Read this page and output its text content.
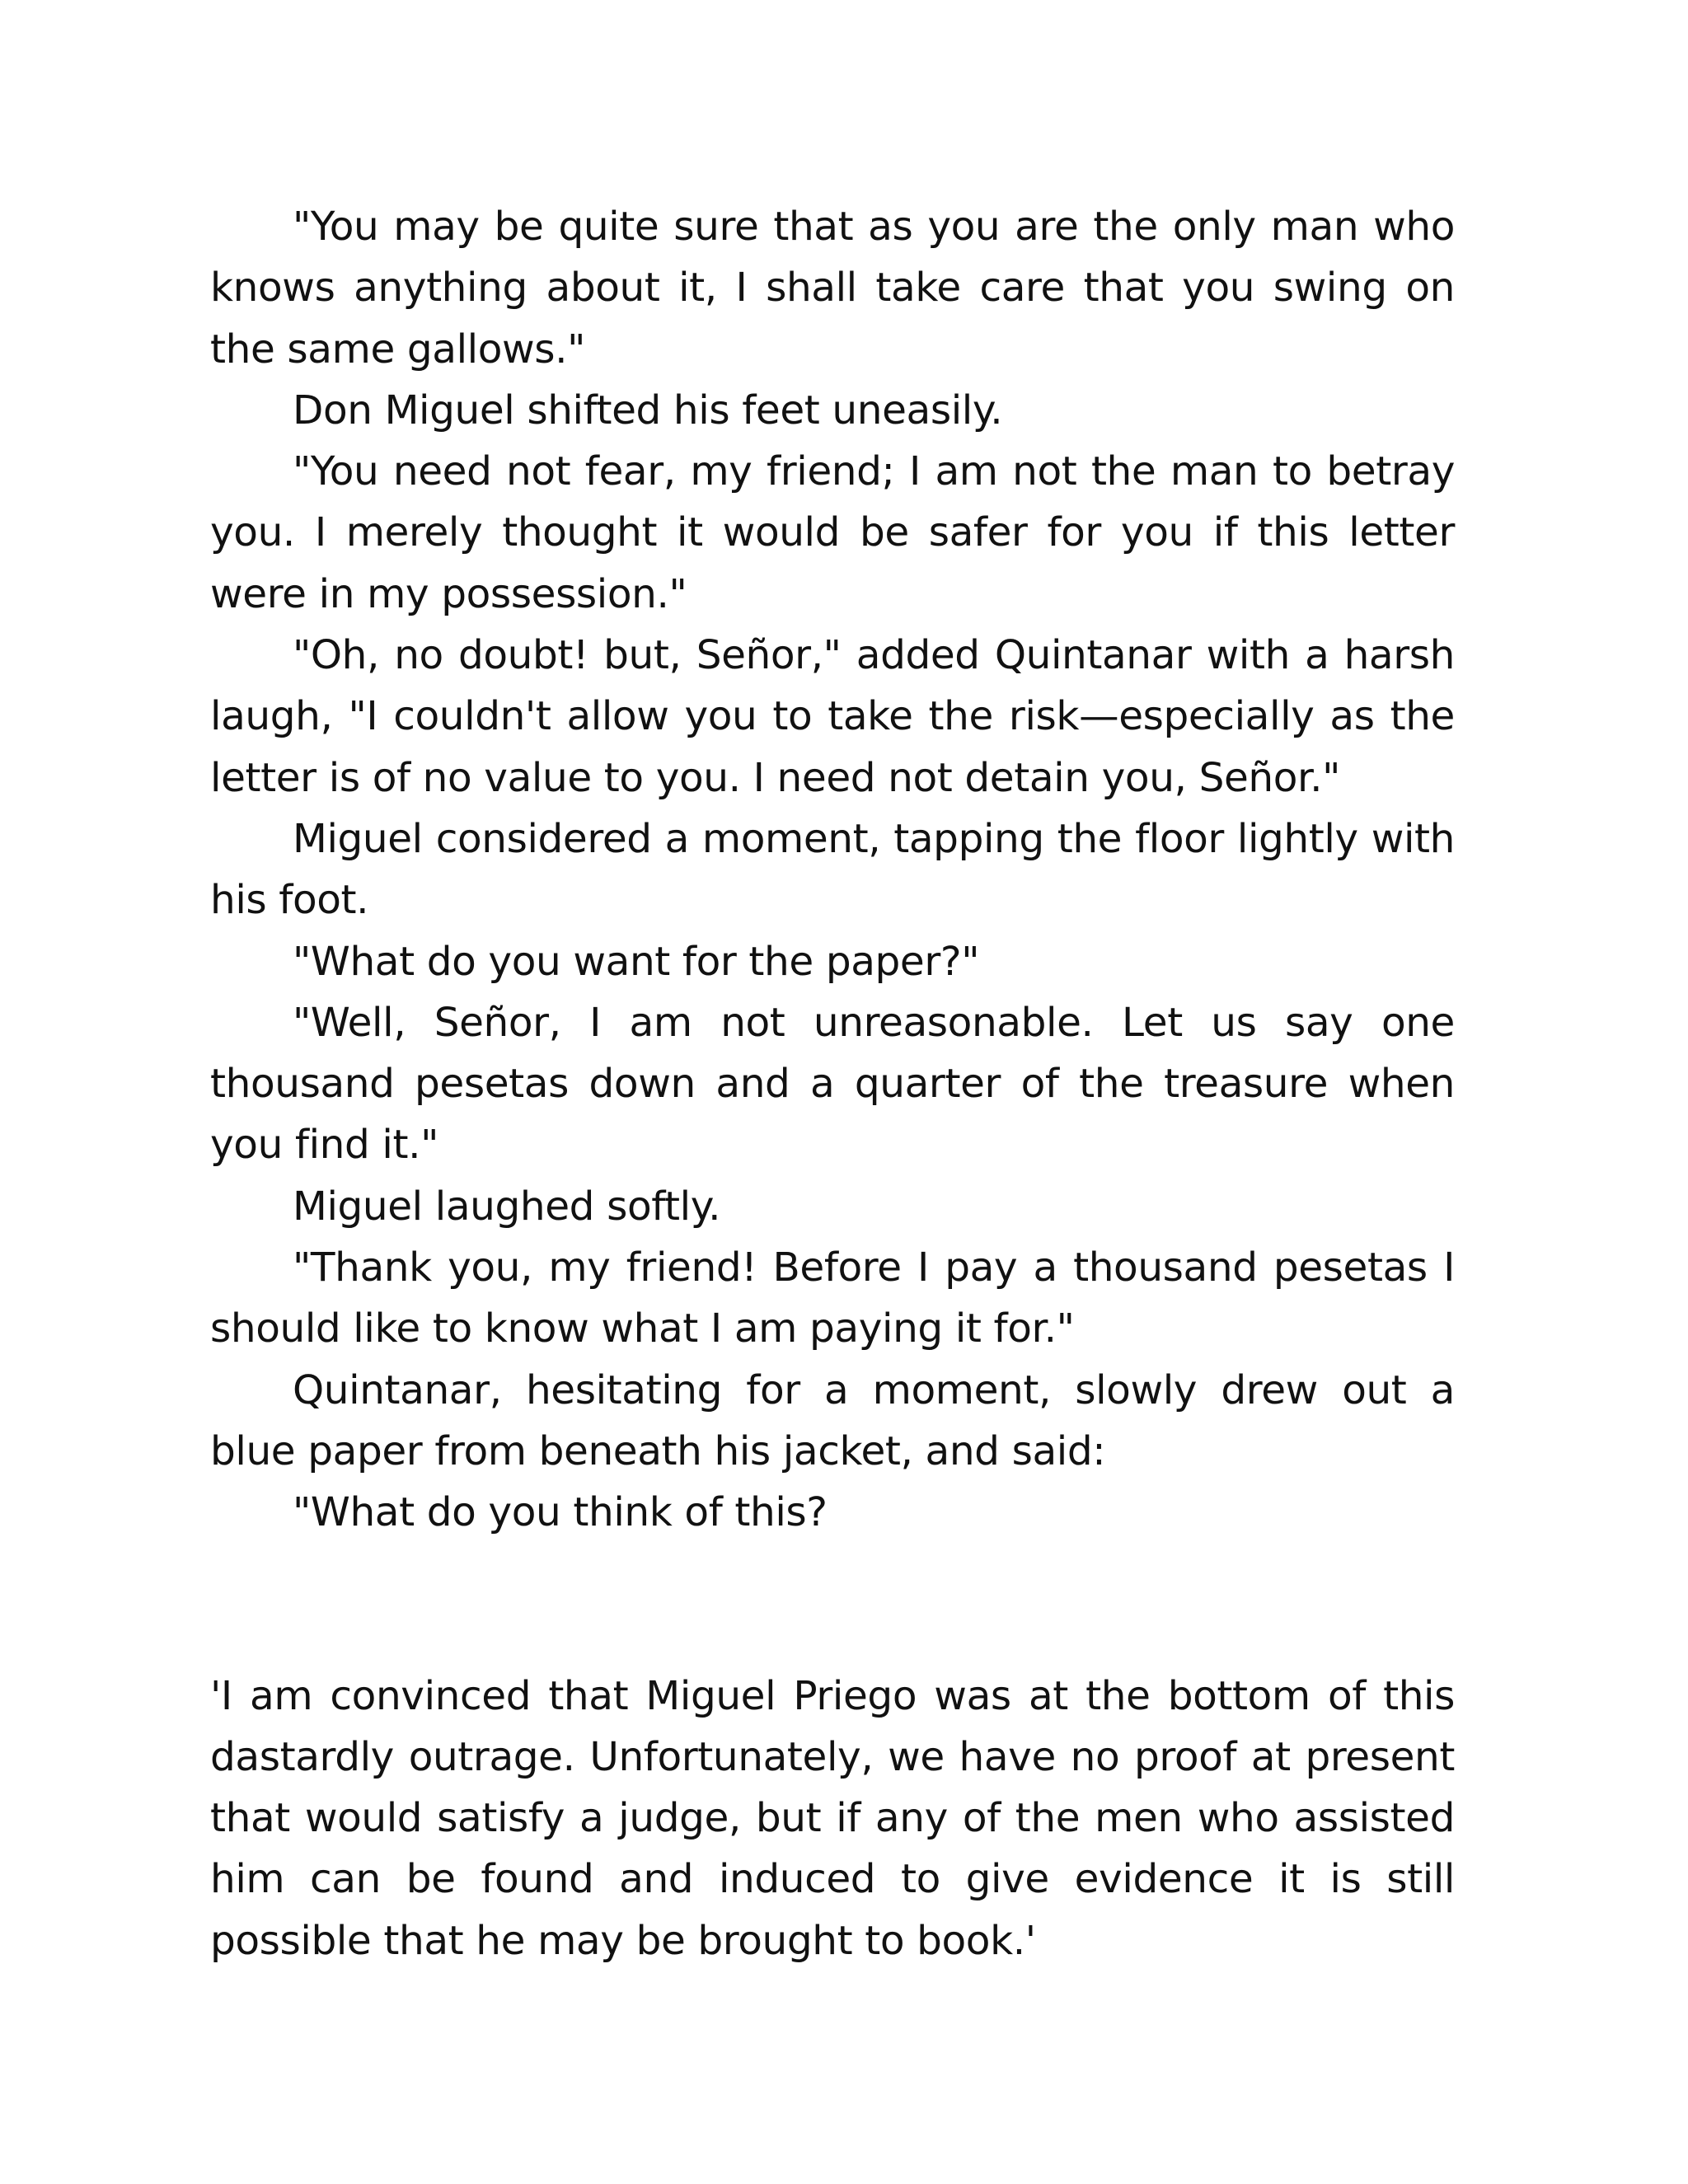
"You may be quite sure that as you are the only man who knows anything about it, I shall take care that you swing on the same gallows."

Don Miguel shifted his feet uneasily.

"You need not fear, my friend; I am not the man to betray you. I merely thought it would be safer for you if this letter were in my possession."

"Oh, no doubt! but, Señor," added Quintanar with a harsh laugh, "I couldn't allow you to take the risk—especially as the letter is of no value to you. I need not detain you, Señor."

Miguel considered a moment, tapping the floor lightly with his foot.

"What do you want for the paper?"

"Well, Señor, I am not unreasonable. Let us say one thousand pesetas down and a quarter of the treasure when you find it."

Miguel laughed softly.

"Thank you, my friend! Before I pay a thousand pesetas I should like to know what I am paying it for."

Quintanar, hesitating for a moment, slowly drew out a blue paper from beneath his jacket, and said:

"What do you think of this?

'I am convinced that Miguel Priego was at the bottom of this dastardly outrage. Unfortunately, we have no proof at present that would satisfy a judge, but if any of the men who assisted him can be found and induced to give evidence it is still possible that he may be brought to book.'
